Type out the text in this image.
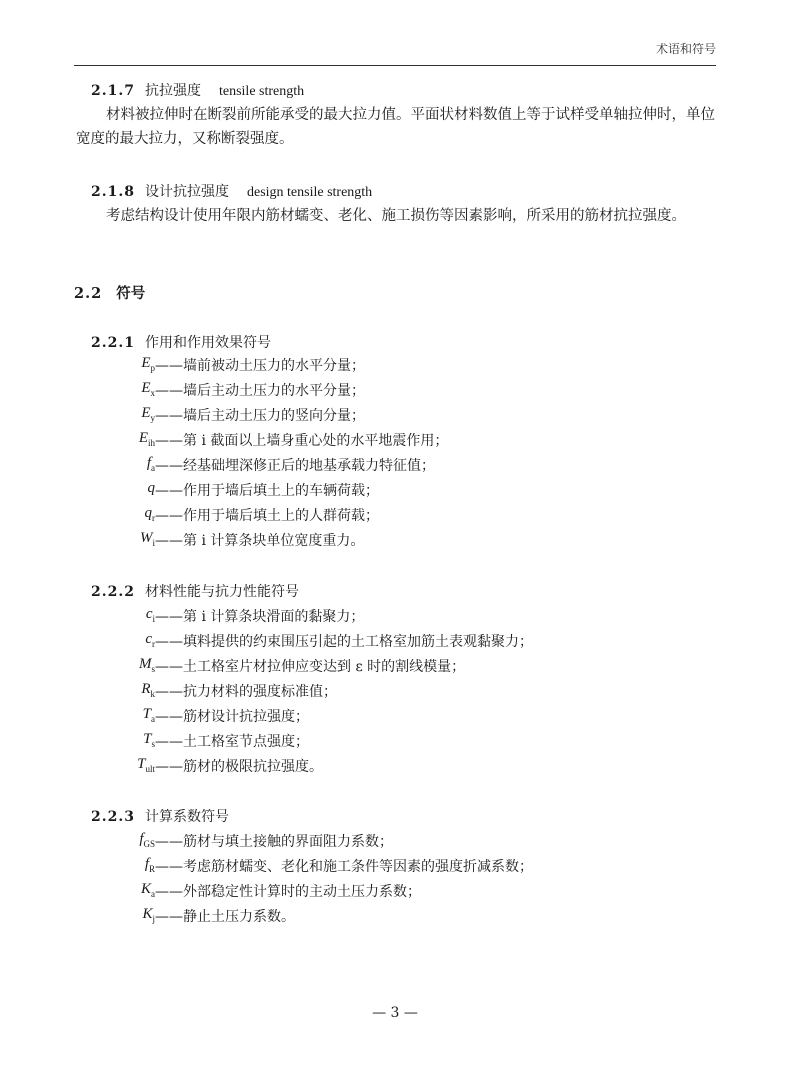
术语和符号
2.1.7 抗拉强度 tensile strength
材料被拉伸时在断裂前所能承受的最大拉力值。平面状材料数值上等于试样受单轴拉伸时，单位宽度的最大拉力，又称断裂强度。
2.1.8 设计抗拉强度 design tensile strength
考虑结构设计使用年限内筋材蠕变、老化、施工损伤等因素影响，所采用的筋材抗拉强度。
2.2 符号
2.2.1 作用和作用效果符号
$E_p$ ——墙前被动土压力的水平分量；
$E_x$ ——墙后主动土压力的水平分量；
$E_y$ ——墙后主动土压力的竖向分量；
$E_{ih}$ ——第 i 截面以上墙身重心处的水平地震作用；
$f_a$ ——经基础埋深修正后的地基承载力特征值；
q ——作用于墙后填土上的车辆荷载；
$q_r$ ——作用于墙后填土上的人群荷载；
$W_i$ ——第 i 计算条块单位宽度重力。
2.2.2 材料性能与抗力性能符号
$c_i$ ——第 i 计算条块滑面的黏聚力；
$c_r$ ——填料提供的约束围压引起的土工格室加筋土表观黏聚力；
$M_s$ ——土工格室片材拉伸应变达到 ε 时的割线模量；
$R_k$ ——抗力材料的强度标准值；
$T_a$ ——筋材设计抗拉强度；
$T_s$ ——土工格室节点强度；
$T_{ult}$ ——筋材的极限抗拉强度。
2.2.3 计算系数符号
$f_{GS}$ ——筋材与填土接触的界面阻力系数；
$f_R$ ——考虑筋材蠕变、老化和施工条件等因素的强度折减系数；
$K_a$ ——外部稳定性计算时的主动土压力系数；
$K_j$ ——静止土压力系数。
— 3 —
